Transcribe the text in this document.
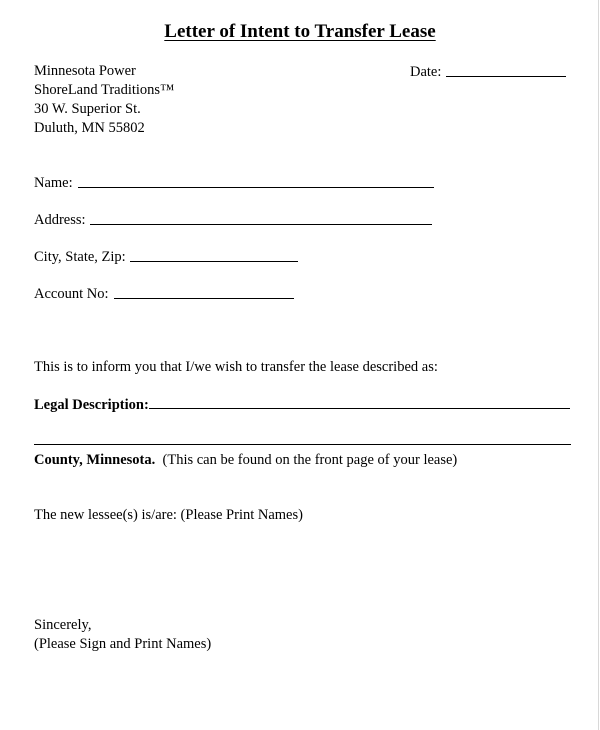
Letter of Intent to Transfer Lease
Minnesota Power
ShoreLand Traditions™
30 W. Superior St.
Duluth, MN 55802
Date:
Name:
Address:
City, State, Zip:
Account No:
This is to inform you that I/we wish to transfer the lease described as:
Legal Description:
County, Minnesota. (This can be found on the front page of your lease)
The new lessee(s) is/are: (Please Print Names)
Sincerely,
(Please Sign and Print Names)
